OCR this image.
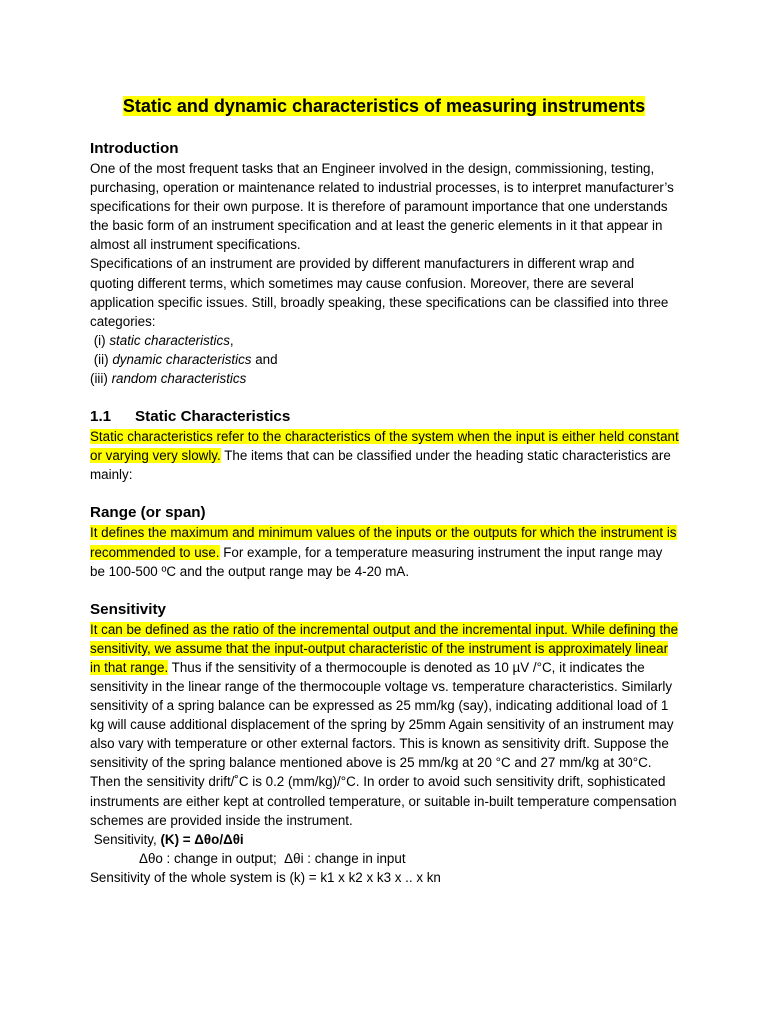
Static and dynamic characteristics of measuring instruments

Introduction

One of the most frequent tasks that an Engineer involved in the design, commissioning, testing, purchasing, operation or maintenance related to industrial processes, is to interpret manufacturer’s specifications for their own purpose. It is therefore of paramount importance that one understands the basic form of an instrument specification and at least the generic elements in it that appear in almost all instrument specifications.

Specifications of an instrument are provided by different manufacturers in different wrap and quoting different terms, which sometimes may cause confusion. Moreover, there are several application specific issues. Still, broadly speaking, these specifications can be classified into three categories:

(i) static characteristics,

(ii) dynamic characteristics and

(iii) random characteristics

1.1 Static Characteristics

Static characteristics refer to the characteristics of the system when the input is either held constant or varying very slowly. The items that can be classified under the heading static characteristics are mainly:

Range (or span)

It defines the maximum and minimum values of the inputs or the outputs for which the instrument is recommended to use. For example, for a temperature measuring instrument the input range may be 100-500 ºC and the output range may be 4-20 mA.

Sensitivity

It can be defined as the ratio of the incremental output and the incremental input. While defining the sensitivity, we assume that the input-output characteristic of the instrument is approximately linear in that range. Thus if the sensitivity of a thermocouple is denoted as 10 µV /°C, it indicates the sensitivity in the linear range of the thermocouple voltage vs. temperature characteristics. Similarly sensitivity of a spring balance can be expressed as 25 mm/kg (say), indicating additional load of 1 kg will cause additional displacement of the spring by 25mm Again sensitivity of an instrument may also vary with temperature or other external factors. This is known as sensitivity drift. Suppose the sensitivity of the spring balance mentioned above is 25 mm/kg at 20 °C and 27 mm/kg at 30°C. Then the sensitivity drift/˚C is 0.2 (mm/kg)/°C. In order to avoid such sensitivity drift, sophisticated instruments are either kept at controlled temperature, or suitable in-built temperature compensation schemes are provided inside the instrument.

Sensitivity, (K) = Δθo/Δθi

Δθo : change in output;  Δθi : change in input

Sensitivity of the whole system is (k) = k1 x k2 x k3 x .. x kn
